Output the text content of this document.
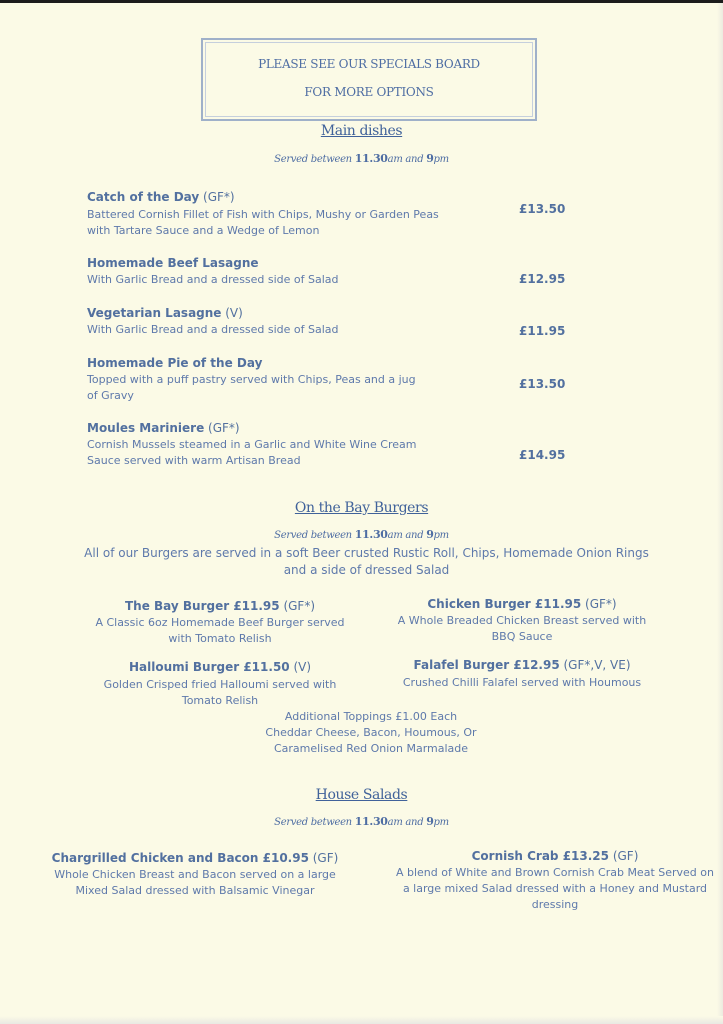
PLEASE SEE OUR SPECIALS BOARD
FOR MORE OPTIONS
Main dishes
Served between 11.30am and 9pm
Catch of the Day (GF*)
Battered Cornish Fillet of Fish with Chips, Mushy or Garden Peas
with Tartare Sauce and a Wedge of Lemon
£13.50
Homemade Beef Lasagne
With Garlic Bread and a dressed side of Salad	£12.95
Vegetarian Lasagne (V)
With Garlic Bread and a dressed side of Salad	£11.95
Homemade Pie of the Day
Topped with a puff pastry served with Chips, Peas and a jug
of Gravy
£13.50
Moules Mariniere (GF*)
Cornish Mussels steamed in a Garlic and White Wine Cream
Sauce served with warm Artisan Bread	£14.95
On the Bay Burgers
Served between 11.30am and 9pm
All of our Burgers are served in a soft Beer crusted Rustic Roll, Chips, Homemade Onion Rings
and a side of dressed Salad
The Bay Burger £11.95 (GF*)
A Classic 6oz Homemade Beef Burger served
with Tomato Relish
Chicken Burger £11.95 (GF*)
A Whole Breaded Chicken Breast served with
BBQ Sauce
Halloumi Burger £11.50 (V)
Golden Crisped fried Halloumi served with
Tomato Relish
Falafel Burger £12.95 (GF*,V, VE)
Crushed Chilli Falafel served with Houmous
Additional Toppings £1.00 Each
Cheddar Cheese, Bacon, Houmous, Or
Caramelised Red Onion Marmalade
House Salads
Served between 11.30am and 9pm
Chargrilled Chicken and Bacon £10.95 (GF)
Whole Chicken Breast and Bacon served on a large
Mixed Salad dressed with Balsamic Vinegar
Cornish Crab £13.25 (GF)
A blend of White and Brown Cornish Crab Meat Served on
a large mixed Salad dressed with a Honey and Mustard
dressing
